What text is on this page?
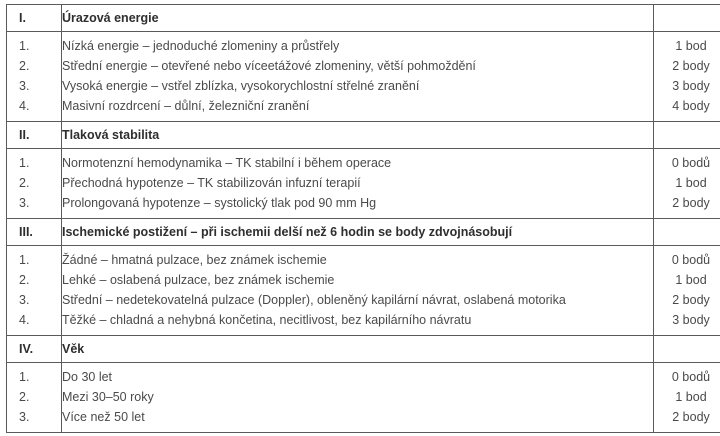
I.	Úrazová energie	
1.	Nízká energie – jednoduché zlomeniny a průstřely	1 bod
2.	Střední energie – otevřené nebo víceetážové zlomeniny, větší pohmoždění	2 body
3.	Vysoká energie – vstřel zblízka, vysokorychlostní střelné zranění	3 body
4.	Masivní rozdrcení – důlní, železniční zranění	4 body
II.	Tlaková stabilita	
1.	Normotenzní hemodynamika – TK stabilní i během operace	0 bodů
2.	Přechodná hypotenze – TK stabilizován infuzní terapií	1 bod
3.	Prolongovaná hypotenze – systolický tlak pod 90 mm Hg	2 body
III.	Ischemické postižení – při ischemii delší než 6 hodin se body zdvojnásobují	
1.	Žádné – hmatná pulzace, bez známek ischemie	0 bodů
2.	Lehké – oslabená pulzace, bez známek ischemie	1 bod
3.	Střední – nedetekovatelná pulzace (Doppler), obleněný kapilární návrat, oslabená motorika	2 body
4.	Těžké – chladná a nehybná končetina, necitlivost, bez kapilárního návratu	3 body
IV.	Věk	
1.	Do 30 let	0 bodů
2.	Mezi 30–50 roky	1 bod
3.	Více než 50 let	2 body
